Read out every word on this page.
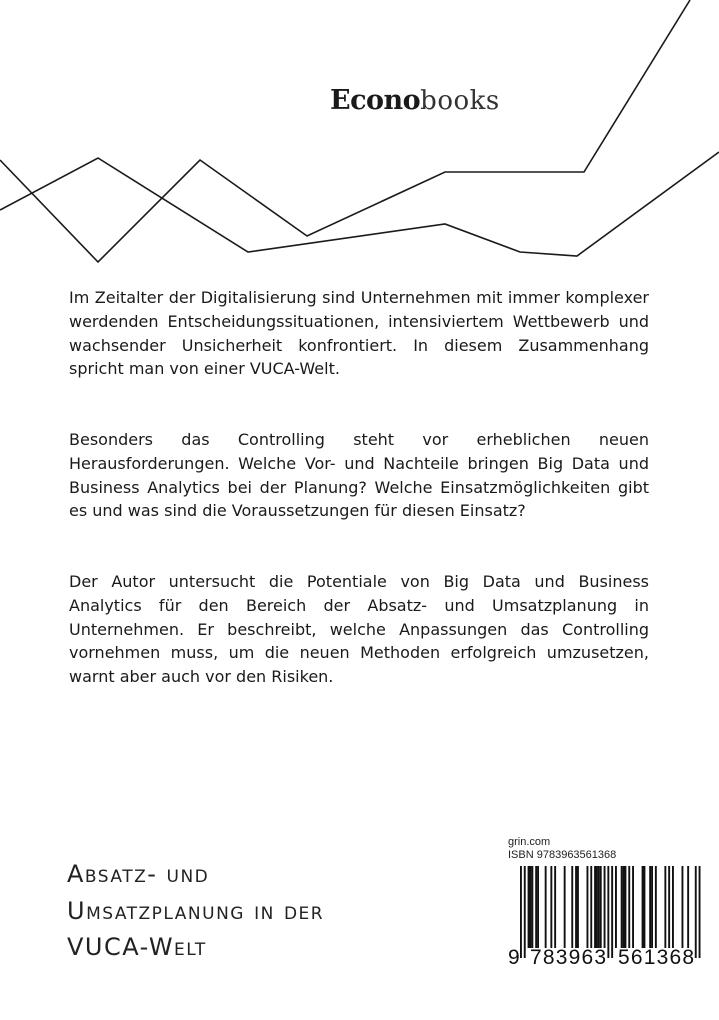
Econobooks

Im Zeitalter der Digitalisierung sind Unternehmen mit immer komplexer werdenden Entscheidungssituationen, intensiviertem Wettbewerb und wachsender Unsicherheit konfrontiert. In diesem Zusammenhang spricht man von einer VUCA-Welt.

Besonders das Controlling steht vor erheblichen neuen Herausforderungen. Welche Vor- und Nachteile bringen Big Data und Business Analytics bei der Planung? Welche Einsatzmöglichkeiten gibt es und was sind die Voraussetzungen für diesen Einsatz?

Der Autor untersucht die Potentiale von Big Data und Business Analytics für den Bereich der Absatz- und Umsatzplanung in Unternehmen. Er beschreibt, welche Anpassungen das Controlling vornehmen muss, um die neuen Methoden erfolgreich umzusetzen, warnt aber auch vor den Risiken.

Absatz- und
Umsatzplanung in der
VUCA-Welt

grin.com

ISBN 9783963561368

9 783963 561368
